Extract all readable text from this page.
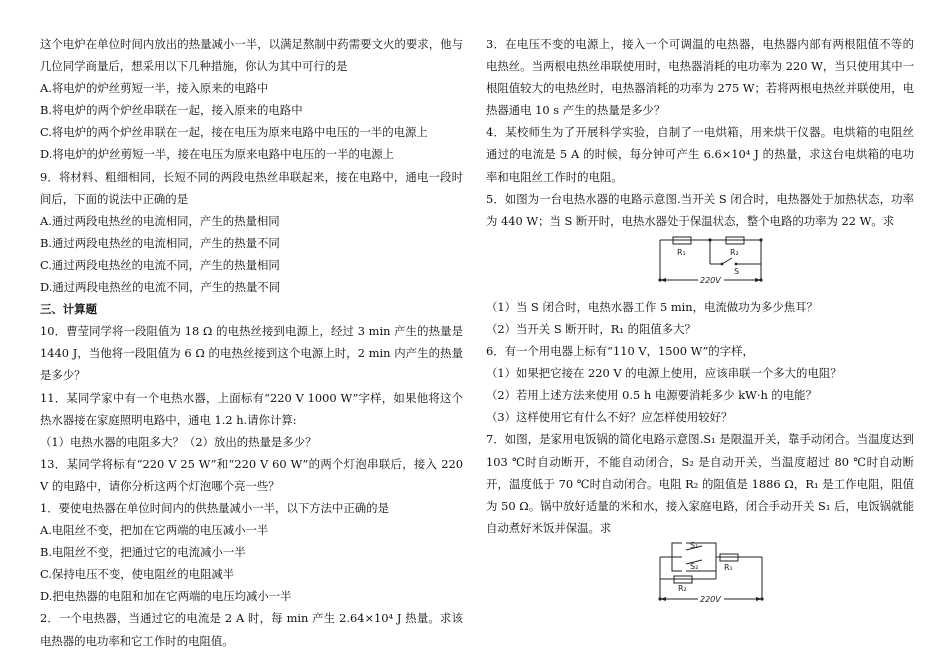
这个电炉在单位时间内放出的热量减小一半，以满足熬制中药需要文火的要求，他与几位同学商量后，想采用以下几种措施，你认为其中可行的是

A.将电炉的炉丝剪短一半，接入原来的电路中

B.将电炉的两个炉丝串联在一起，接入原来的电路中

C.将电炉的两个炉丝串联在一起，接在电压为原来电路中电压的一半的电源上

D.将电炉的炉丝剪短一半，接在电压为原来电路中电压的一半的电源上

9．将材料、粗细相同，长短不同的两段电热丝串联起来，接在电路中，通电一段时间后，下面的说法中正确的是

A.通过两段电热丝的电流相同，产生的热量相同

B.通过两段电热丝的电流相同，产生的热量不同

C.通过两段电热丝的电流不同，产生的热量相同

D.通过两段电热丝的电流不同，产生的热量不同

三、计算题

10．曹莹同学将一段阻值为 18 Ω 的电热丝接到电源上，经过 3 min 产生的热量是 1440 J，当他将一段阻值为 6 Ω 的电热丝接到这个电源上时，2 min 内产生的热量是多少？

11．某同学家中有一个电热水器，上面标有“220 V 1000 W”字样，如果他将这个热水器接在家庭照明电路中，通电 1.2 h.请你计算:

（1）电热水器的电阻多大？（2）放出的热量是多少？

13．某同学将标有“220 V 25 W”和“220 V 60 W”的两个灯泡串联后，接入 220 V 的电路中，请你分析这两个灯泡哪个亮一些？

1．要使电热器在单位时间内的供热量减小一半，以下方法中正确的是

A.电阻丝不变，把加在它两端的电压减小一半

B.电阻丝不变，把通过它的电流减小一半

C.保持电压不变，使电阻丝的电阻减半

D.把电热器的电阻和加在它两端的电压均减小一半

2．一个电热器，当通过它的电流是 2 A 时，每 min 产生 2.64×10⁴ J 热量。求该电热器的电功率和它工作时的电阻值。

3．在电压不变的电源上，接入一个可调温的电热器，电热器内部有两根阻值不等的电热丝。当两根电热丝串联使用时，电热器消耗的电功率为 220 W，当只使用其中一根阻值较大的电热丝时，电热器消耗的功率为 275 W；若将两根电热丝并联使用，电热器通电 10 s 产生的热量是多少？

4．某校师生为了开展科学实验，自制了一电烘箱，用来烘干仪器。电烘箱的电阻丝通过的电流是 5 A 的时候，每分钟可产生 6.6×10⁴ J 的热量，求这台电烘箱的电功率和电阻丝工作时的电阻。

5．如图为一台电热水器的电路示意图.当开关 S 闭合时，电热器处于加热状态，功率为 440 W；当 S 断开时，电热水器处于保温状态，整个电路的功率为 22 W。求

R₁	R₂
S
220V

（1）当 S 闭合时，电热水器工作 5 min，电流做功为多少焦耳？

（2）当开关 S 断开时，R₁ 的阻值多大？

6．有一个用电器上标有“110 V，1500 W”的字样，

（1）如果把它接在 220 V 的电源上使用，应该串联一个多大的电阻？

（2）若用上述方法来使用 0.5 h 电源要消耗多少 kW·h 的电能？

（3）这样使用它有什么不好？应怎样使用较好？

7．如图，是家用电饭锅的简化电路示意图.S₁ 是限温开关，靠手动闭合。当温度达到 103 ℃时自动断开，不能自动闭合，S₂ 是自动开关，当温度超过 80 ℃时自动断开，温度低于 70 ℃时自动闭合。电阻 R₂ 的阻值是 1886 Ω，R₁ 是工作电阻，阻值为 50 Ω。锅中放好适量的米和水，接入家庭电路，闭合手动开关 S₁ 后，电饭锅就能自动煮好米饭并保温。求

S₁
S₂	R₁
R₂
220V
